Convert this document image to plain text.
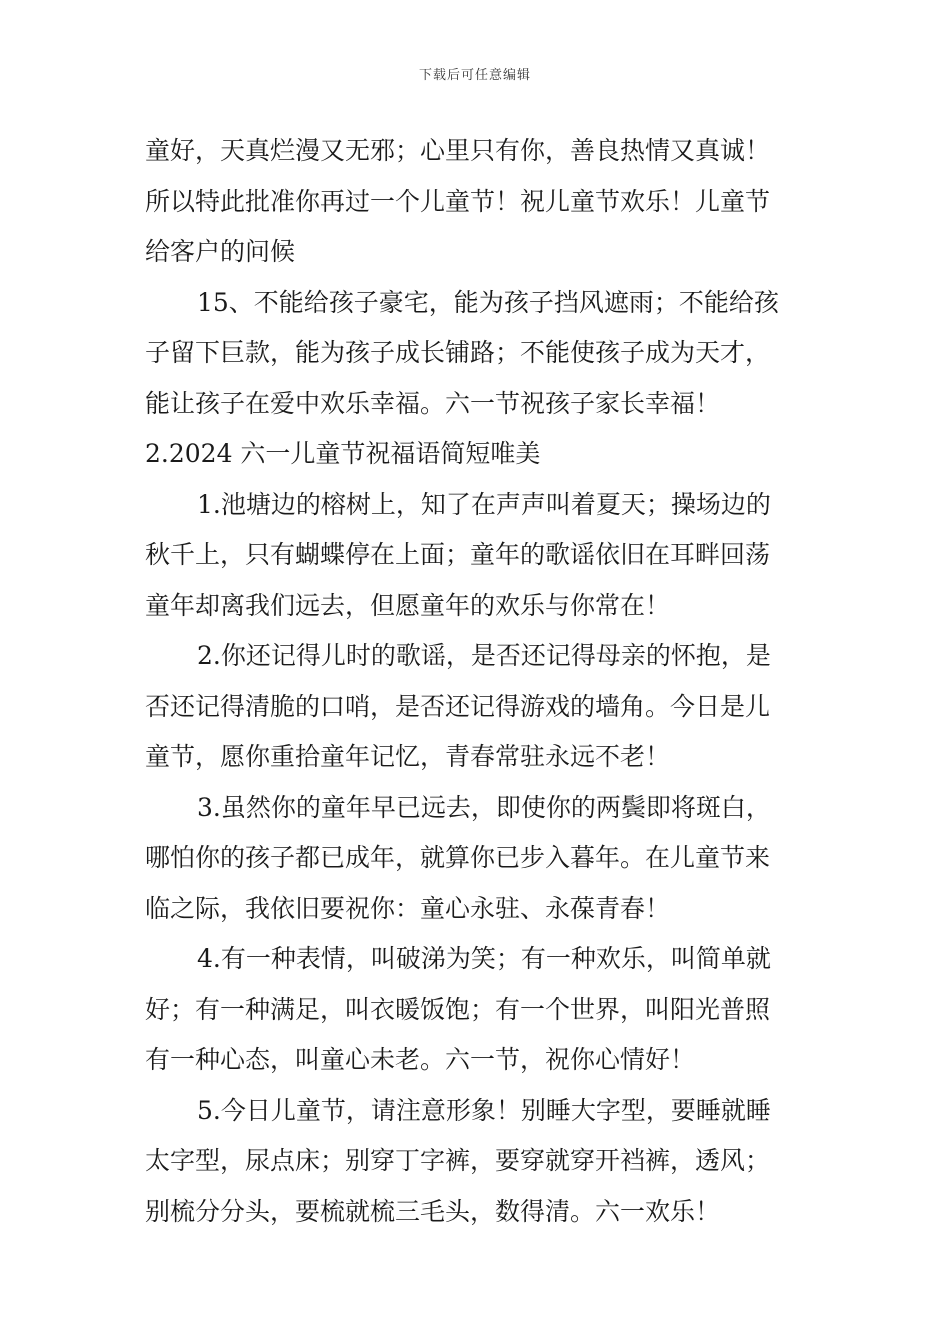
下载后可任意编辑
童好，天真烂漫又无邪；心里只有你，善良热情又真诚！
所以特此批准你再过一个儿童节！祝儿童节欢乐！儿童节
给客户的问候
15、不能给孩子豪宅，能为孩子挡风遮雨；不能给孩
子留下巨款，能为孩子成长铺路；不能使孩子成为天才，
能让孩子在爱中欢乐幸福。六一节祝孩子家长幸福！
2.2024 六一儿童节祝福语简短唯美
1.池塘边的榕树上，知了在声声叫着夏天；操场边的
秋千上，只有蝴蝶停在上面；童年的歌谣依旧在耳畔回荡
童年却离我们远去，但愿童年的欢乐与你常在！
2.你还记得儿时的歌谣，是否还记得母亲的怀抱，是
否还记得清脆的口哨，是否还记得游戏的墙角。今日是儿
童节，愿你重拾童年记忆，青春常驻永远不老！
3.虽然你的童年早已远去，即使你的两鬓即将斑白，
哪怕你的孩子都已成年，就算你已步入暮年。在儿童节来
临之际，我依旧要祝你：童心永驻、永葆青春！
4.有一种表情，叫破涕为笑；有一种欢乐，叫简单就
好；有一种满足，叫衣暖饭饱；有一个世界，叫阳光普照
有一种心态，叫童心未老。六一节，祝你心情好！
5.今日儿童节，请注意形象！别睡大字型，要睡就睡
太字型，尿点床；别穿丁字裤，要穿就穿开裆裤，透风；
别梳分分头，要梳就梳三毛头，数得清。六一欢乐！
